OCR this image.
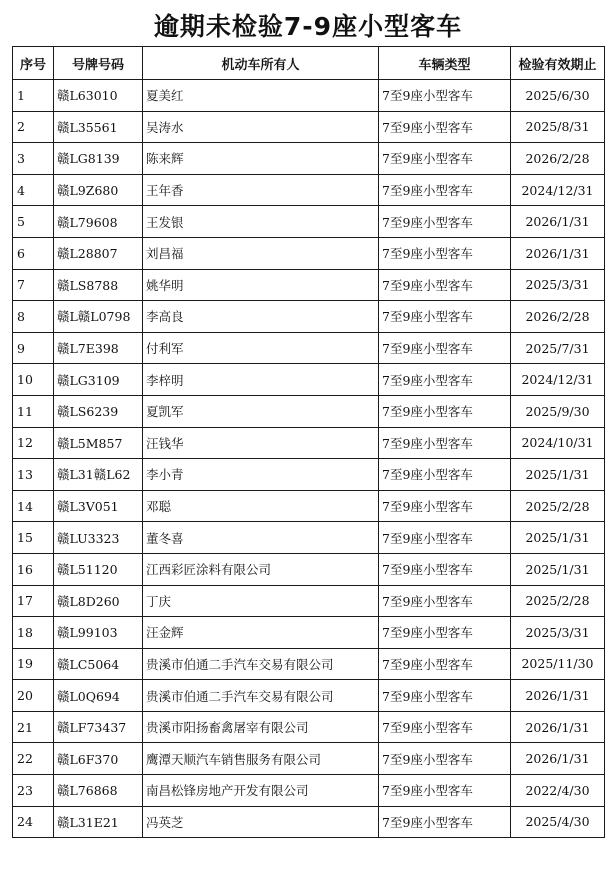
逾期未检验7-9座小型客车
序号	号牌号码	机动车所有人	车辆类型	检验有效期止
1	赣L63010	夏美红	7至9座小型客车	2025/6/30
2	赣L35561	吴涛水	7至9座小型客车	2025/8/31
3	赣LG8139	陈来辉	7至9座小型客车	2026/2/28
4	赣L9Z680	王年香	7至9座小型客车	2024/12/31
5	赣L79608	王发银	7至9座小型客车	2026/1/31
6	赣L28807	刘昌福	7至9座小型客车	2026/1/31
7	赣LS8788	姚华明	7至9座小型客车	2025/3/31
8	赣L赣L0798	李高良	7至9座小型客车	2026/2/28
9	赣L7E398	付利军	7至9座小型客车	2025/7/31
10	赣LG3109	李梓明	7至9座小型客车	2024/12/31
11	赣LS6239	夏凯军	7至9座小型客车	2025/9/30
12	赣L5M857	汪钱华	7至9座小型客车	2024/10/31
13	赣L31赣L62	李小青	7至9座小型客车	2025/1/31
14	赣L3V051	邓聪	7至9座小型客车	2025/2/28
15	赣LU3323	董冬喜	7至9座小型客车	2025/1/31
16	赣L51120	江西彩匠涂料有限公司	7至9座小型客车	2025/1/31
17	赣L8D260	丁庆	7至9座小型客车	2025/2/28
18	赣L99103	汪金辉	7至9座小型客车	2025/3/31
19	赣LC5064	贵溪市伯通二手汽车交易有限公司	7至9座小型客车	2025/11/30
20	赣L0Q694	贵溪市伯通二手汽车交易有限公司	7至9座小型客车	2026/1/31
21	赣LF73437	贵溪市阳扬畜禽屠宰有限公司	7至9座小型客车	2026/1/31
22	赣L6F370	鹰潭天顺汽车销售服务有限公司	7至9座小型客车	2026/1/31
23	赣L76868	南昌松锋房地产开发有限公司	7至9座小型客车	2022/4/30
24	赣L31E21	冯英芝	7至9座小型客车	2025/4/30
